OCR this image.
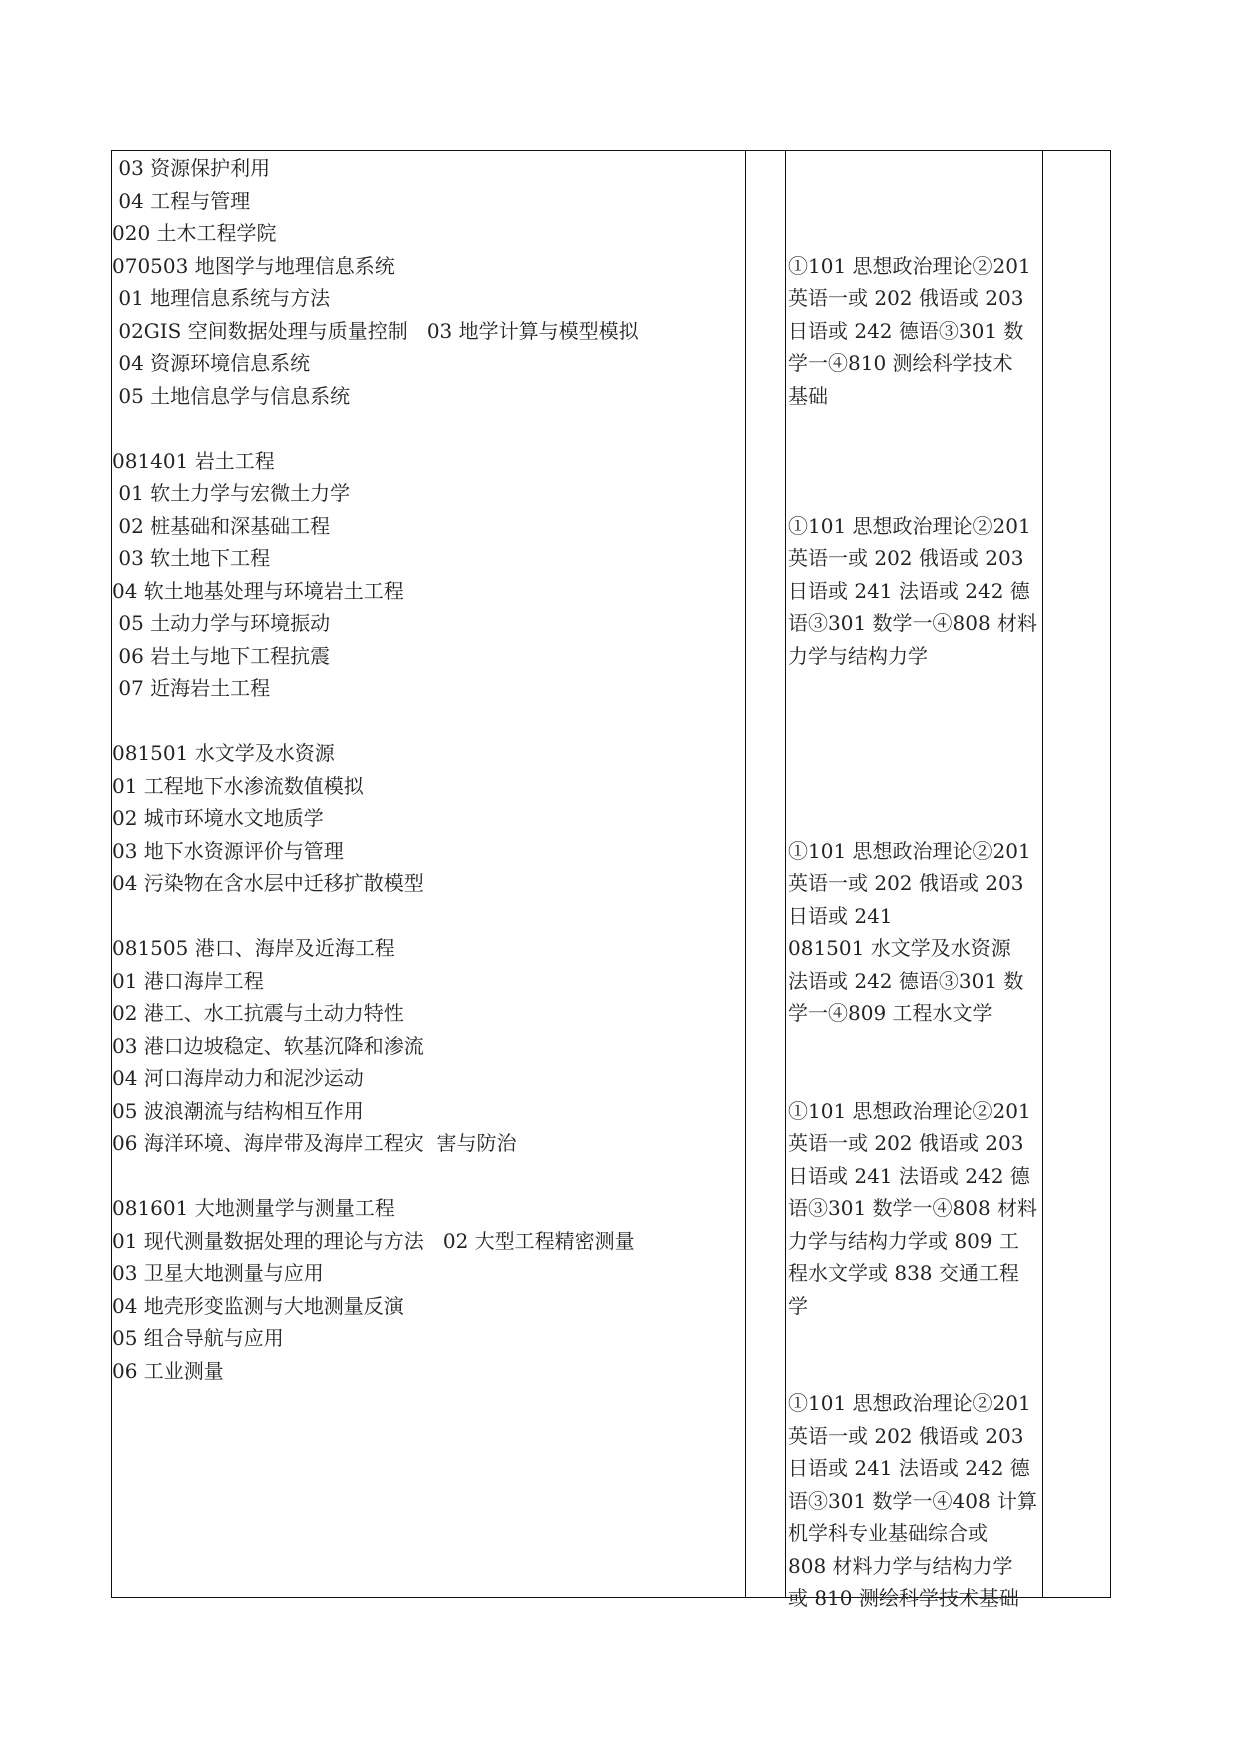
03 资源保护利用
04 工程与管理
020 土木工程学院
070503 地图学与地理信息系统
01 地理信息系统与方法
02GIS 空间数据处理与质量控制   03 地学计算与模型模拟
04 资源环境信息系统
05 土地信息学与信息系统
081401 岩土工程
01 软土力学与宏微土力学
02 桩基础和深基础工程
03 软土地下工程
04 软土地基处理与环境岩土工程
05 土动力学与环境振动
06 岩土与地下工程抗震
07 近海岩土工程
081501 水文学及水资源
01 工程地下水渗流数值模拟
02 城市环境水文地质学
03 地下水资源评价与管理
04 污染物在含水层中迁移扩散模型
081505 港口、海岸及近海工程
01 港口海岸工程
02 港工、水工抗震与土动力特性
03 港口边坡稳定、软基沉降和渗流
04 河口海岸动力和泥沙运动
05 波浪潮流与结构相互作用
06 海洋环境、海岸带及海岸工程灾  害与防治
081601 大地测量学与测量工程
01 现代测量数据处理的理论与方法   02 大型工程精密测量
03 卫星大地测量与应用
04 地壳形变监测与大地测量反演
05 组合导航与应用
06 工业测量
①101 思想政治理论②201
英语一或 202 俄语或 203
日语或 242 德语③301 数
学一④810 测绘科学技术
基础
①101 思想政治理论②201
英语一或 202 俄语或 203
日语或 241 法语或 242 德
语③301 数学一④808 材料
力学与结构力学
①101 思想政治理论②201
英语一或 202 俄语或 203
日语或 241
081501 水文学及水资源
法语或 242 德语③301 数
学一④809 工程水文学
①101 思想政治理论②201
英语一或 202 俄语或 203
日语或 241 法语或 242 德
语③301 数学一④808 材料
力学与结构力学或 809 工
程水文学或 838 交通工程
学
①101 思想政治理论②201
英语一或 202 俄语或 203
日语或 241 法语或 242 德
语③301 数学一④408 计算
机学科专业基础综合或
808 材料力学与结构力学
或 810 测绘科学技术基础
